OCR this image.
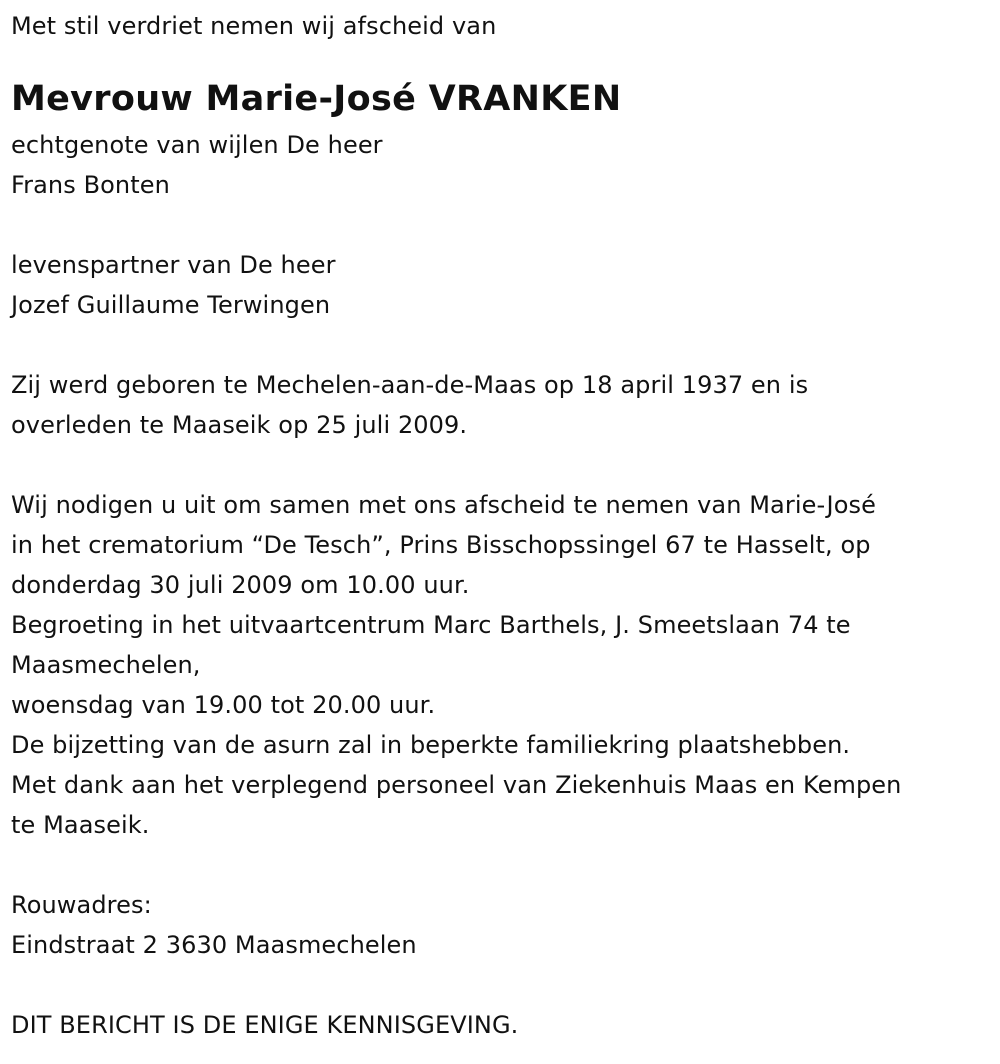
Met stil verdriet nemen wij afscheid van
Mevrouw Marie-José VRANKEN
echtgenote van wijlen De heer
Frans Bonten
levenspartner van De heer
Jozef Guillaume Terwingen
Zij werd geboren te Mechelen-aan-de-Maas op 18 april 1937 en is
overleden te Maaseik op 25 juli 2009.
Wij nodigen u uit om samen met ons afscheid te nemen van Marie-José
in het crematorium “De Tesch”, Prins Bisschopssingel 67 te Hasselt, op
donderdag 30 juli 2009 om 10.00 uur.
Begroeting in het uitvaartcentrum Marc Barthels, J. Smeetslaan 74 te
Maasmechelen,
woensdag van 19.00 tot 20.00 uur.
De bijzetting van de asurn zal in beperkte familiekring plaatshebben.
Met dank aan het verplegend personeel van Ziekenhuis Maas en Kempen
te Maaseik.
Rouwadres:
Eindstraat 2 3630 Maasmechelen
DIT BERICHT IS DE ENIGE KENNISGEVING.
